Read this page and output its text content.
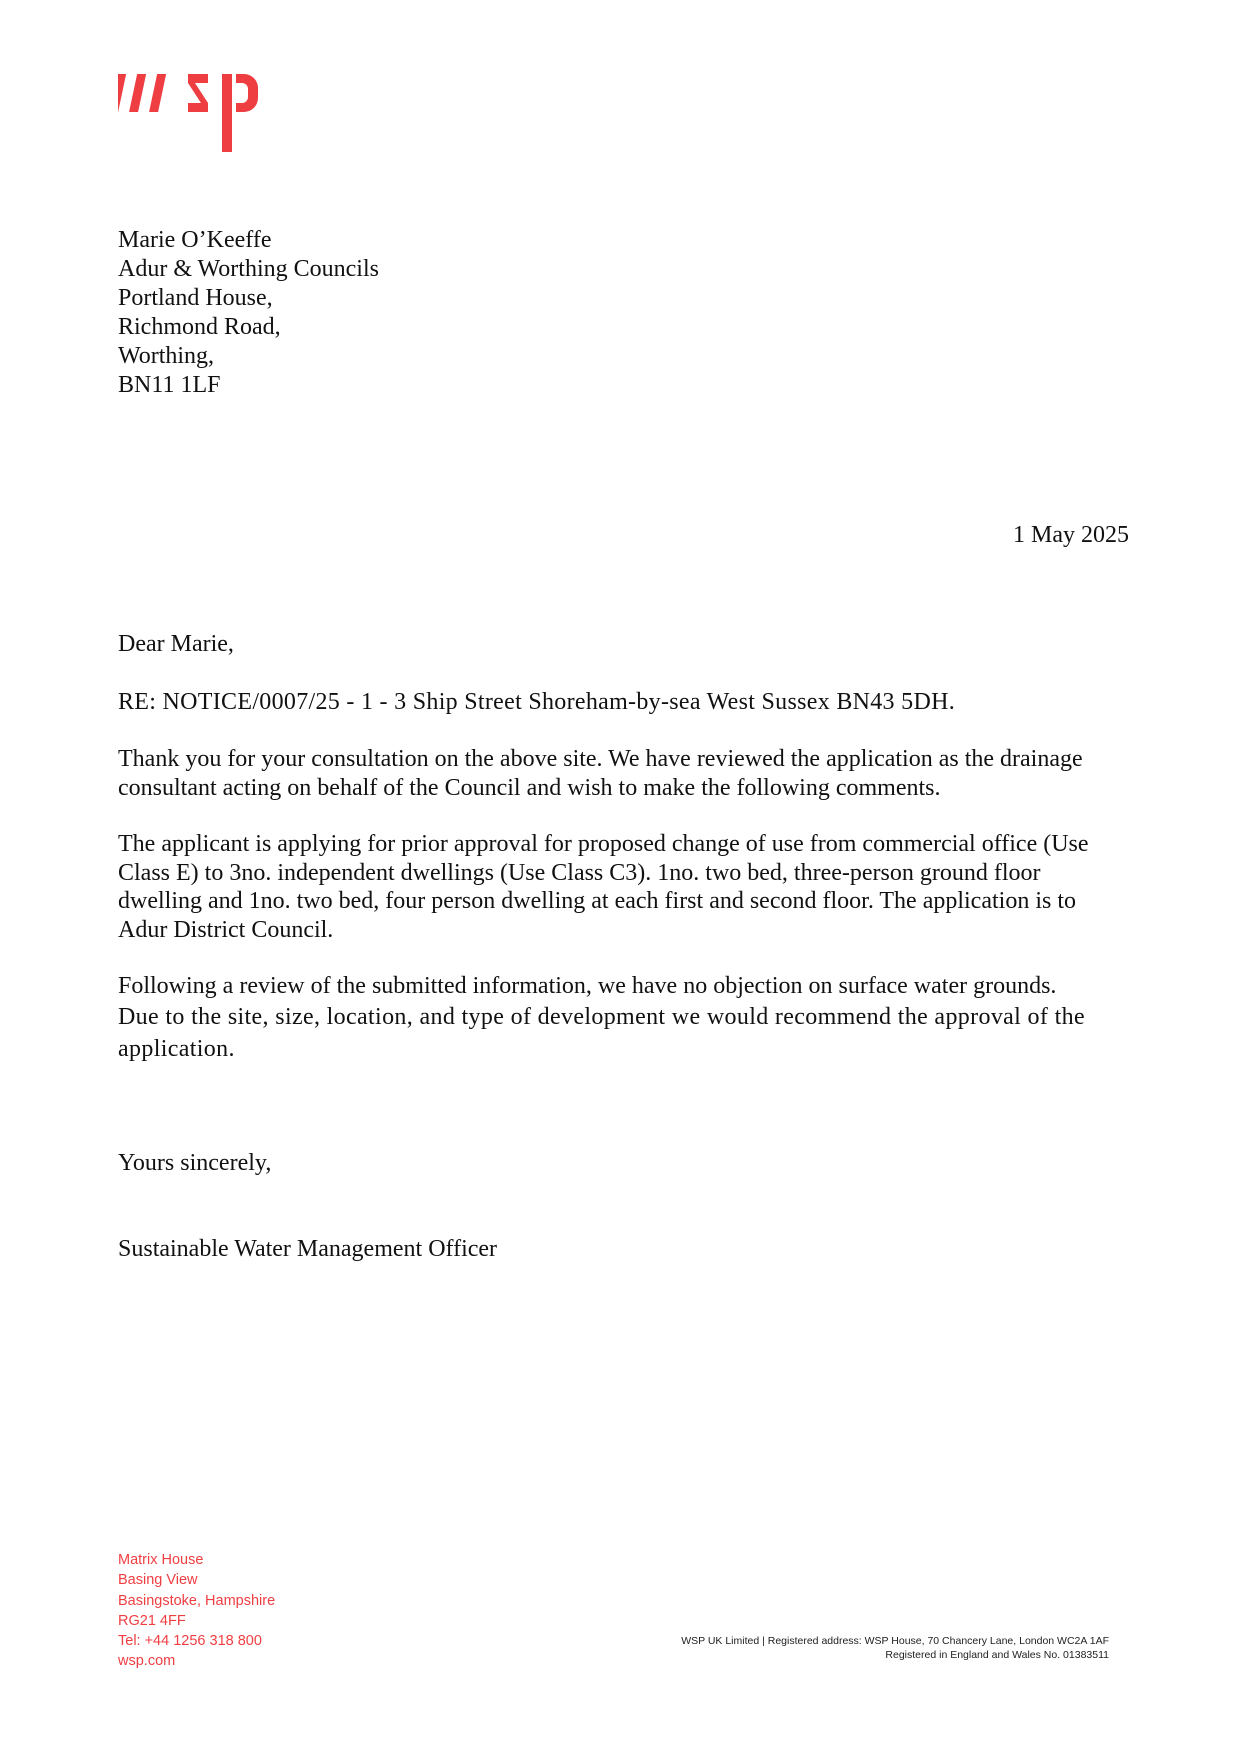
Marie O’Keeffe
Adur & Worthing Councils
Portland House,
Richmond Road,
Worthing,
BN11 1LF
1 May 2025

Dear Marie,

RE: NOTICE/0007/25 - 1 - 3 Ship Street Shoreham-by-sea West Sussex BN43 5DH.

Thank you for your consultation on the above site. We have reviewed the application as the drainage consultant acting on behalf of the Council and wish to make the following comments.

The applicant is applying for prior approval for proposed change of use from commercial office (Use Class E) to 3no. independent dwellings (Use Class C3). 1no. two bed, three-person ground floor dwelling and 1no. two bed, four person dwelling at each first and second floor. The application is to Adur District Council.

Following a review of the submitted information, we have no objection on surface water grounds.
Due to the site, size, location, and type of development we would recommend the approval of the application.

Yours sincerely,
Sustainable Water Management Officer
Matrix House
Basing View
Basingstoke, Hampshire
RG21 4FF
Tel: +44 1256 318 800
wsp.com
WSP UK Limited | Registered address: WSP House, 70 Chancery Lane, London WC2A 1AF
Registered in England and Wales No. 01383511
